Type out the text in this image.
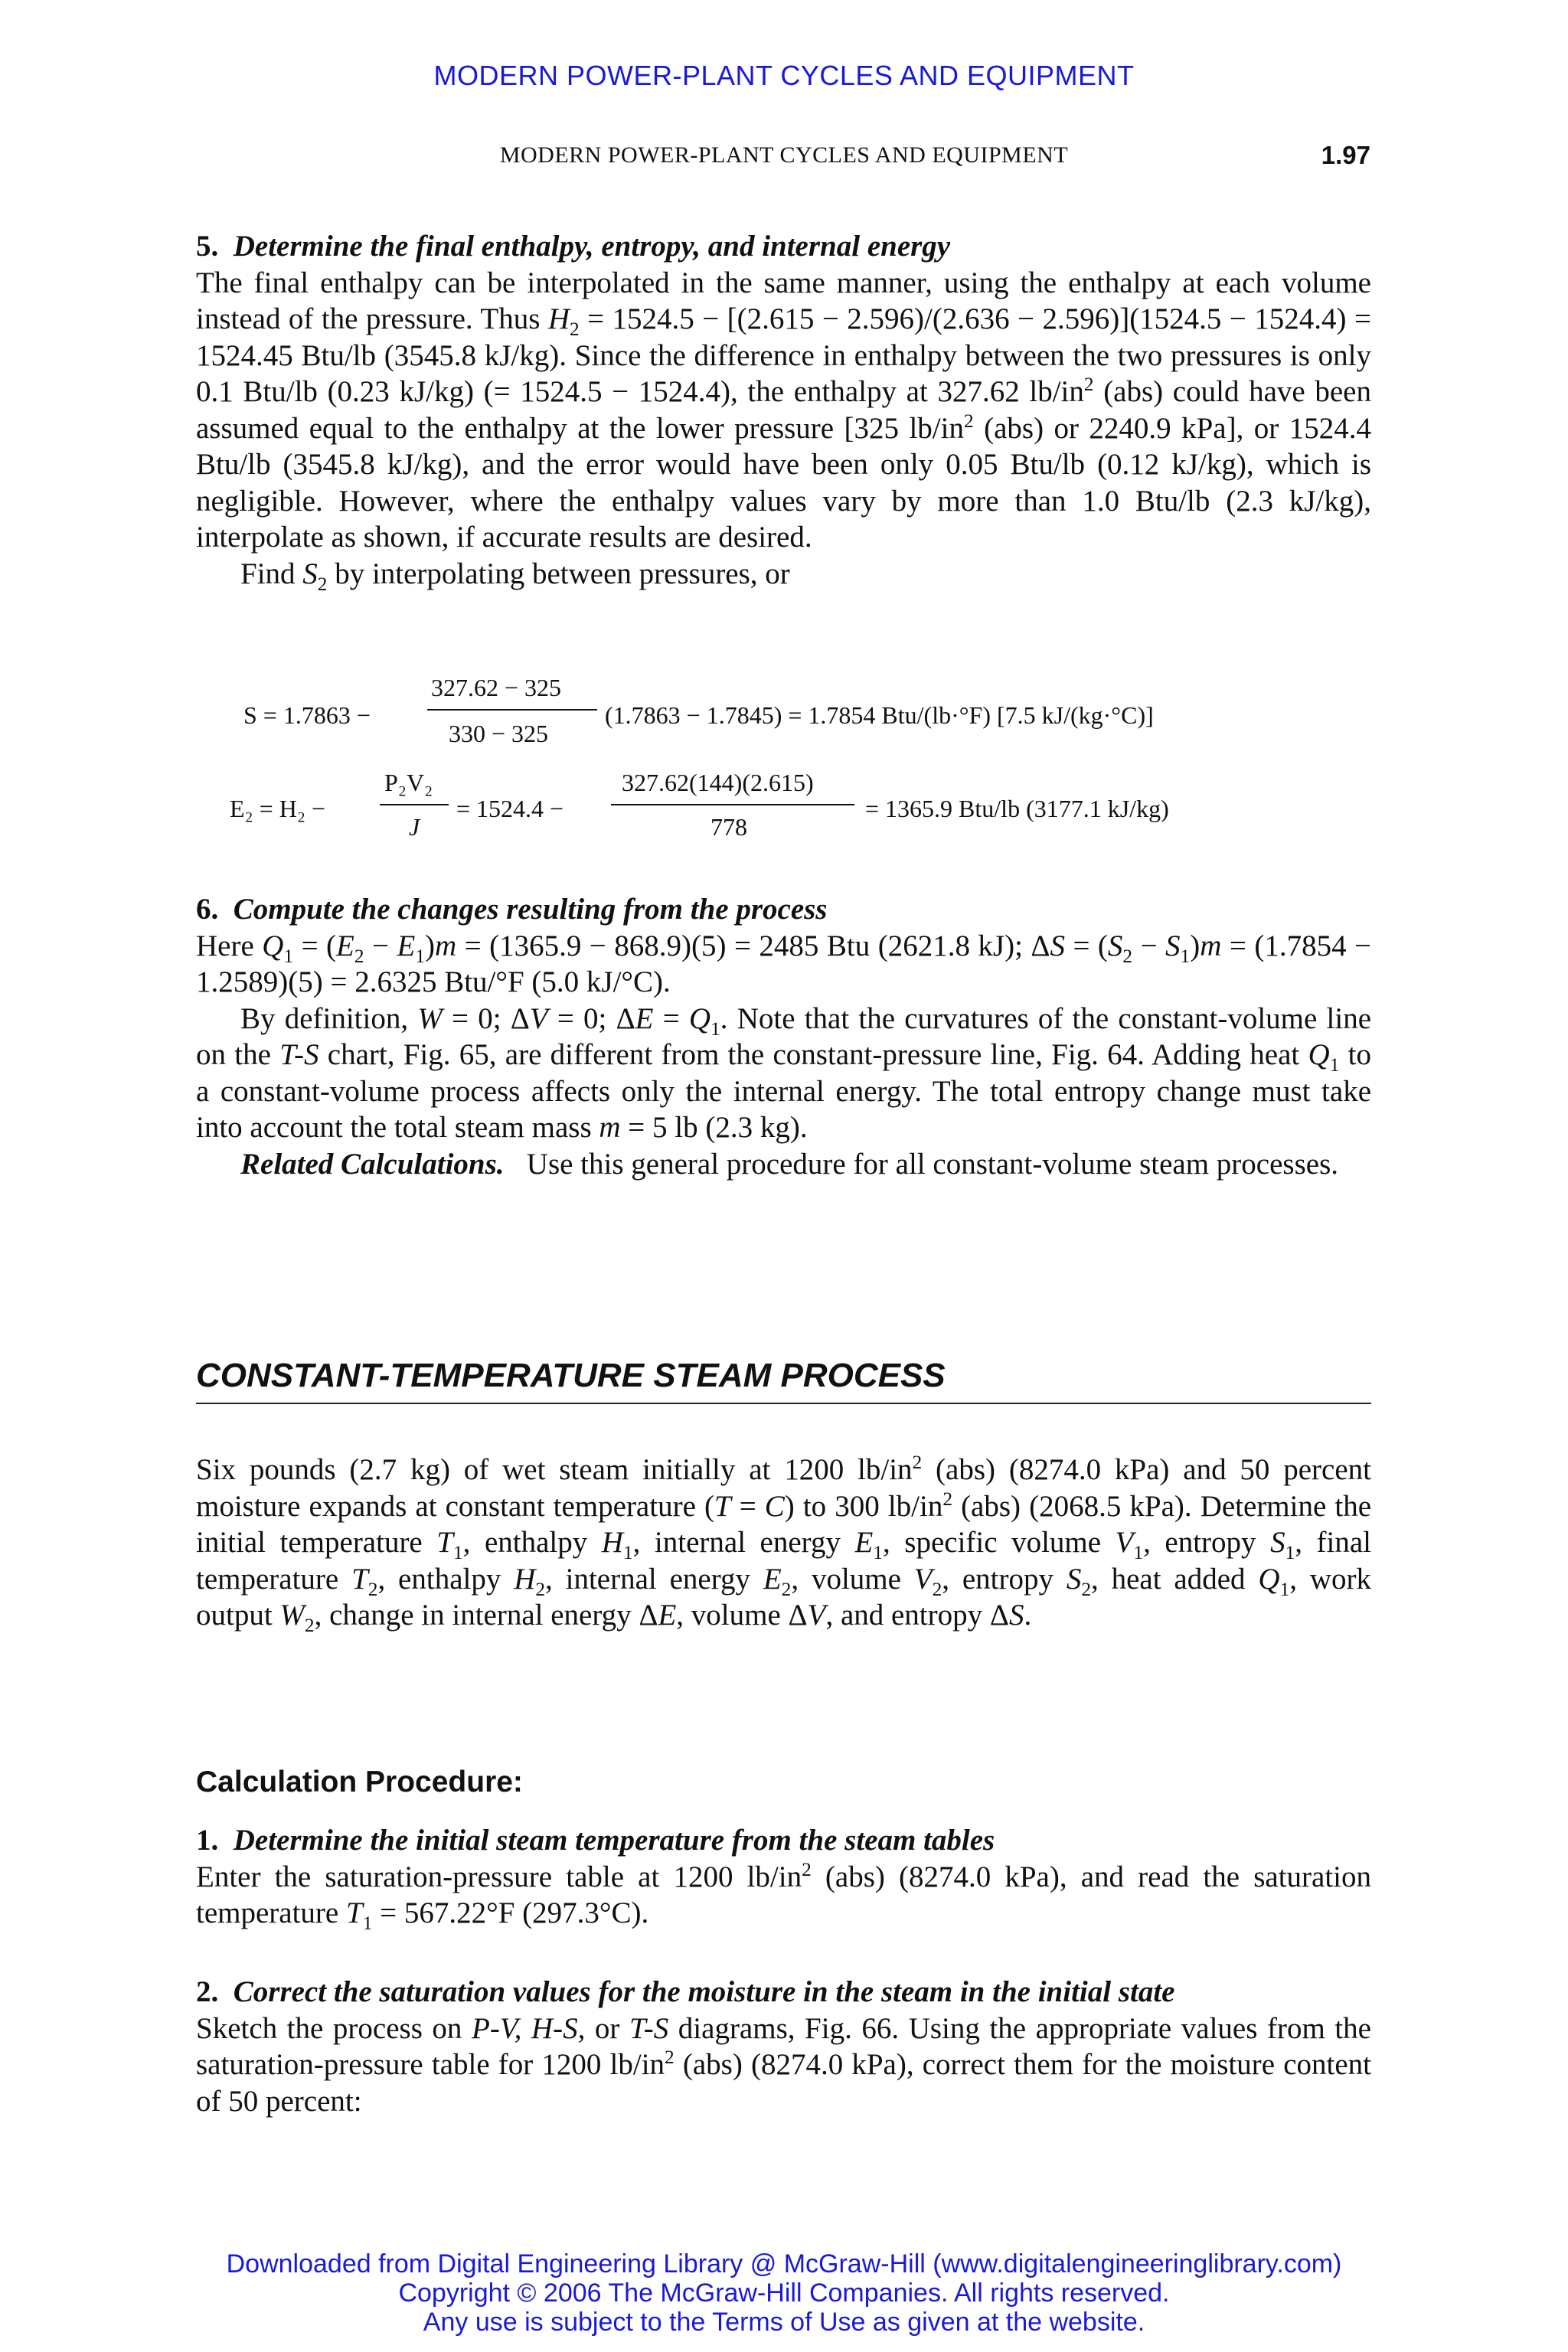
MODERN POWER-PLANT CYCLES AND EQUIPMENT
MODERN POWER-PLANT CYCLES AND EQUIPMENT	1.97

5. Determine the final enthalpy, entropy, and internal energy

The final enthalpy can be interpolated in the same manner, using the enthalpy at each volume instead of the pressure. Thus $H_2 = 1524.5 - [(2.615 - 2.596)/(2.636 - 2.596)](1524.5 - 1524.4) = 1524.45$ Btu/lb (3545.8 kJ/kg). Since the difference in enthalpy between the two pressures is only 0.1 Btu/lb (0.23 kJ/kg) (= 1524.5 − 1524.4), the enthalpy at 327.62 $lb/in^2$ (abs) could have been assumed equal to the enthalpy at the lower pressure [325 $lb/in^2$ (abs) or 2240.9 kPa], or 1524.4 Btu/lb (3545.8 kJ/kg), and the error would have been only 0.05 Btu/lb (0.12 kJ/kg), which is negligible. However, where the enthalpy values vary by more than 1.0 Btu/lb (2.3 kJ/kg), interpolate as shown, if accurate results are desired.

Find $S_2$ by interpolating between pressures, or

S = 1.7863 −
327.62 − 325
330 − 325
(1.7863 − 1.7845) = 1.7854 Btu/(lb·°F) [7.5 kJ/(kg·°C)]
E₂ = H₂ −
P₂V₂
J
= 1524.4 −
327.62(144)(2.615)
778
= 1365.9 Btu/lb (3177.1 kJ/kg)

6. Compute the changes resulting from the process

Here $Q_1 = (E_2 - E_1)m = (1365.9 - 868.9)(5) = 2485$ Btu (2621.8 kJ); $\Delta S = (S_2 - S_1)m = (1.7854 - 1.2589)(5) = 2.6325$ Btu/°F (5.0 kJ/°C).

By definition, W = 0; ΔV = 0; $\Delta E = Q_1$. Note that the curvatures of the constant-volume line on the T-S chart, Fig. 65, are different from the constant-pressure line, Fig. 64. Adding heat $Q_1$ to a constant-volume process affects only the internal energy. The total entropy change must take into account the total steam mass m = 5 lb (2.3 kg).

Related Calculations. Use this general procedure for all constant-volume steam processes.

CONSTANT-TEMPERATURE STEAM PROCESS

Six pounds (2.7 kg) of wet steam initially at 1200 $lb/in^2$ (abs) (8274.0 kPa) and 50 percent moisture expands at constant temperature (T = C) to 300 $lb/in^2$ (abs) (2068.5 kPa). Determine the initial temperature $T_1$, enthalpy $H_1$, internal energy $E_1$, specific volume $V_1$, entropy $S_1$, final temperature $T_2$, enthalpy $H_2$, internal energy $E_2$, volume $V_2$, entropy $S_2$, heat added $Q_1$, work output $W_2$, change in internal energy ΔE, volume ΔV, and entropy ΔS.

Calculation Procedure:

1. Determine the initial steam temperature from the steam tables

Enter the saturation-pressure table at 1200 $lb/in^2$ (abs) (8274.0 kPa), and read the saturation temperature $T_1 = 567.22^\circ F$ (297.3°C).

2. Correct the saturation values for the moisture in the steam in the initial state

Sketch the process on P-V, H-S, or T-S diagrams, Fig. 66. Using the appropriate values from the saturation-pressure table for 1200 $lb/in^2$ (abs) (8274.0 kPa), correct them for the moisture content of 50 percent:

Downloaded from Digital Engineering Library @ McGraw-Hill (www.digitalengineeringlibrary.com)
Copyright © 2006 The McGraw-Hill Companies. All rights reserved.
Any use is subject to the Terms of Use as given at the website.
